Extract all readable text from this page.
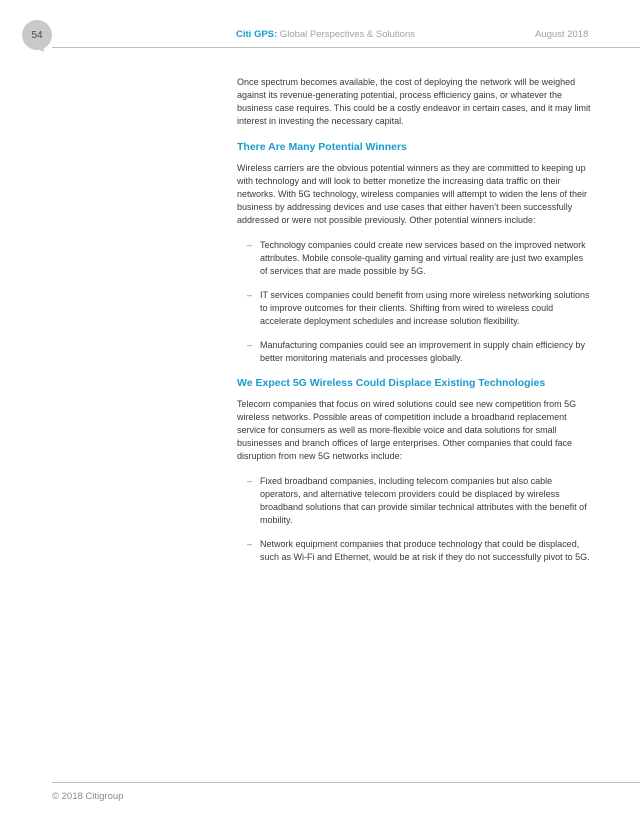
54	Citi GPS: Global Perspectives & Solutions	August 2018

Once spectrum becomes available, the cost of deploying the network will be weighed against its revenue-generating potential, process efficiency gains, or whatever the business case requires. This could be a costly endeavor in certain cases, and it may limit interest in investing the necessary capital.

There Are Many Potential Winners

Wireless carriers are the obvious potential winners as they are committed to keeping up with technology and will look to better monetize the increasing data traffic on their networks. With 5G technology, wireless companies will attempt to widen the lens of their business by addressing devices and use cases that either haven’t been successfully addressed or were not possible previously. Other potential winners include:

– Technology companies could create new services based on the improved network attributes. Mobile console-quality gaming and virtual reality are just two examples of services that are made possible by 5G.
– IT services companies could benefit from using more wireless networking solutions to improve outcomes for their clients. Shifting from wired to wireless could accelerate deployment schedules and increase solution flexibility.
– Manufacturing companies could see an improvement in supply chain efficiency by better monitoring materials and processes globally.
We Expect 5G Wireless Could Displace Existing Technologies

Telecom companies that focus on wired solutions could see new competition from 5G wireless networks. Possible areas of competition include a broadband replacement service for consumers as well as more-flexible voice and data solutions for small businesses and branch offices of large enterprises. Other companies that could face disruption from new 5G networks include:

– Fixed broadband companies, including telecom companies but also cable operators, and alternative telecom providers could be displaced by wireless broadband solutions that can provide similar technical attributes with the benefit of mobility.
– Network equipment companies that produce technology that could be displaced, such as Wi-Fi and Ethernet, would be at risk if they do not successfully pivot to 5G.
© 2018 Citigroup
